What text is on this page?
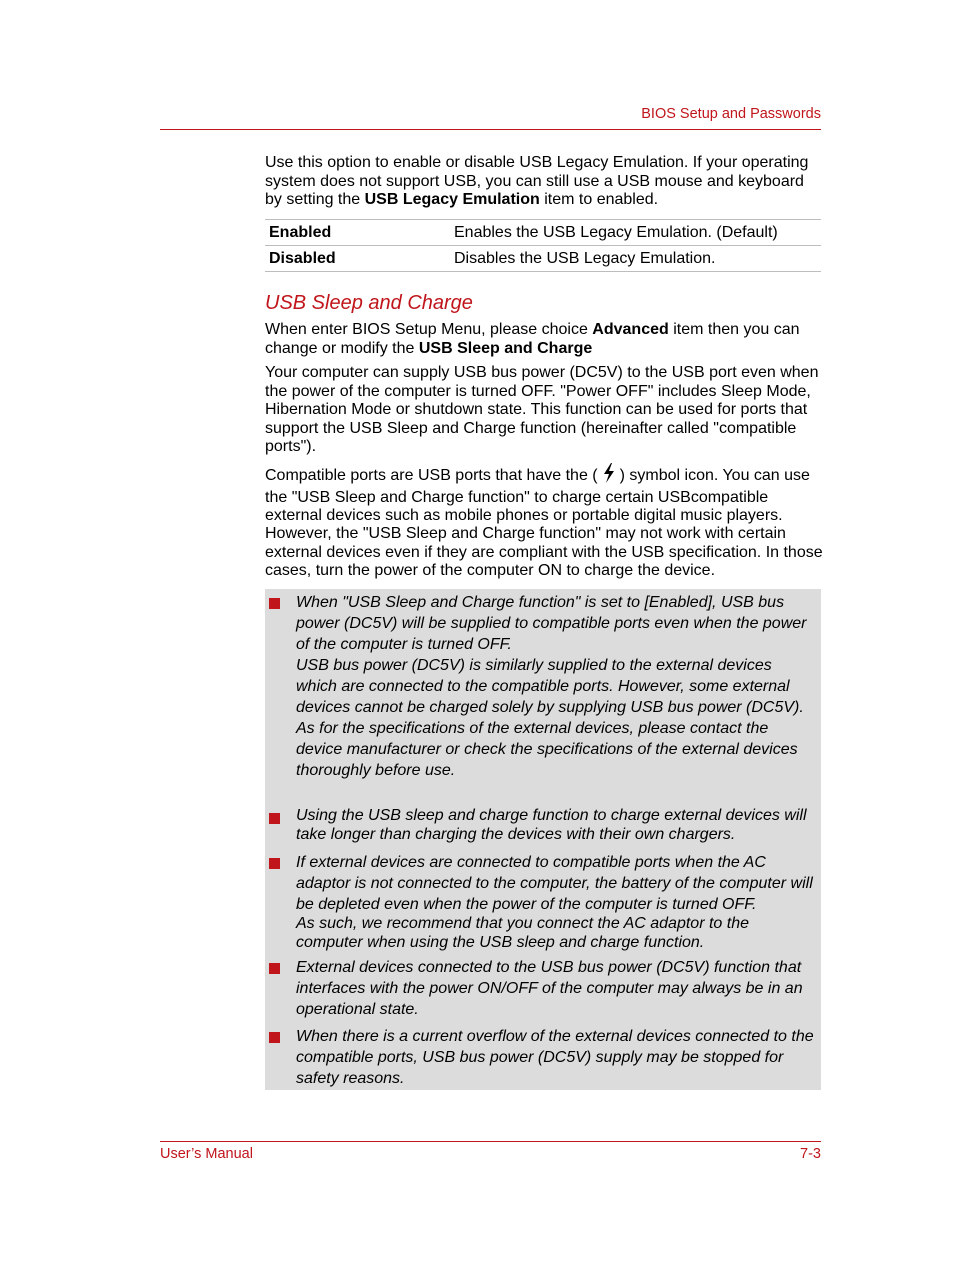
BIOS Setup and Passwords
Use this option to enable or disable USB Legacy Emulation. If your operating system does not support USB, you can still use a USB mouse and keyboard by setting the USB Legacy Emulation item to enabled.
Enabled	Enables the USB Legacy Emulation. (Default)
Disabled	Disables the USB Legacy Emulation.
USB Sleep and Charge
When enter BIOS Setup Menu, please choice Advanced item then you can change or modify the USB Sleep and Charge
Your computer can supply USB bus power (DC5V) to the USB port even when the power of the computer is turned OFF. "Power OFF" includes Sleep Mode, Hibernation Mode or shutdown state. This function can be used for ports that support the USB Sleep and Charge function (hereinafter called "compatible ports").
Compatible ports are USB ports that have the ( ) symbol icon. You can use the "USB Sleep and Charge function" to charge certain USBcompatible external devices such as mobile phones or portable digital music players.
However, the "USB Sleep and Charge function" may not work with certain external devices even if they are compliant with the USB specification. In those cases, turn the power of the computer ON to charge the device.

When "USB Sleep and Charge function" is set to [Enabled], USB bus power (DC5V) will be supplied to compatible ports even when the power of the computer is turned OFF.

USB bus power (DC5V) is similarly supplied to the external devices which are connected to the compatible ports. However, some external devices cannot be charged solely by supplying USB bus power (DC5V).

As for the specifications of the external devices, please contact the device manufacturer or check the specifications of the external devices thoroughly before use.

Using the USB sleep and charge function to charge external devices will take longer than charging the devices with their own chargers.

If external devices are connected to compatible ports when the AC adaptor is not connected to the computer, the battery of the computer will be depleted even when the power of the computer is turned OFF.

As such, we recommend that you connect the AC adaptor to the computer when using the USB sleep and charge function.

External devices connected to the USB bus power (DC5V) function that interfaces with the power ON/OFF of the computer may always be in an operational state.

When there is a current overflow of the external devices connected to the compatible ports, USB bus power (DC5V) supply may be stopped for safety reasons.

User’s Manual	7-3
